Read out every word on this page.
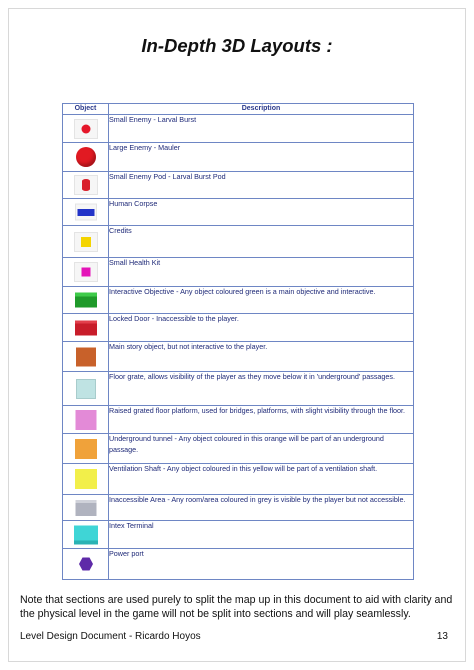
In-Depth 3D Layouts :
Object	Description

	Small Enemy - Larval Burst

	Large Enemy - Mauler

	Small Enemy Pod - Larval Burst Pod

	Human Corpse

	Credits

	Small Health Kit

	Interactive Objective - Any object coloured green is a main objective and interactive.

	Locked Door - Inaccessible to the player.

	Main story object, but not interactive to the player.

	Floor grate, allows visibility of the player as they move below it in 'underground' passages.

	Raised grated floor platform, used for bridges, platforms, with slight visibility through the floor.

	Underground tunnel - Any object coloured in this orange will be part of an underground passage.

	Ventilation Shaft - Any object coloured in this yellow will be part of a ventilation shaft.

	Inaccessible Area - Any room/area coloured in grey is visible by the player but not accessible.

	Intex Terminal

	Power port
Note that sections are used purely to split the map up in this document to aid with clarity and the physical level in the game will not be split into sections and will play seamlessly.
Level Design Document - Ricardo Hoyos	13
